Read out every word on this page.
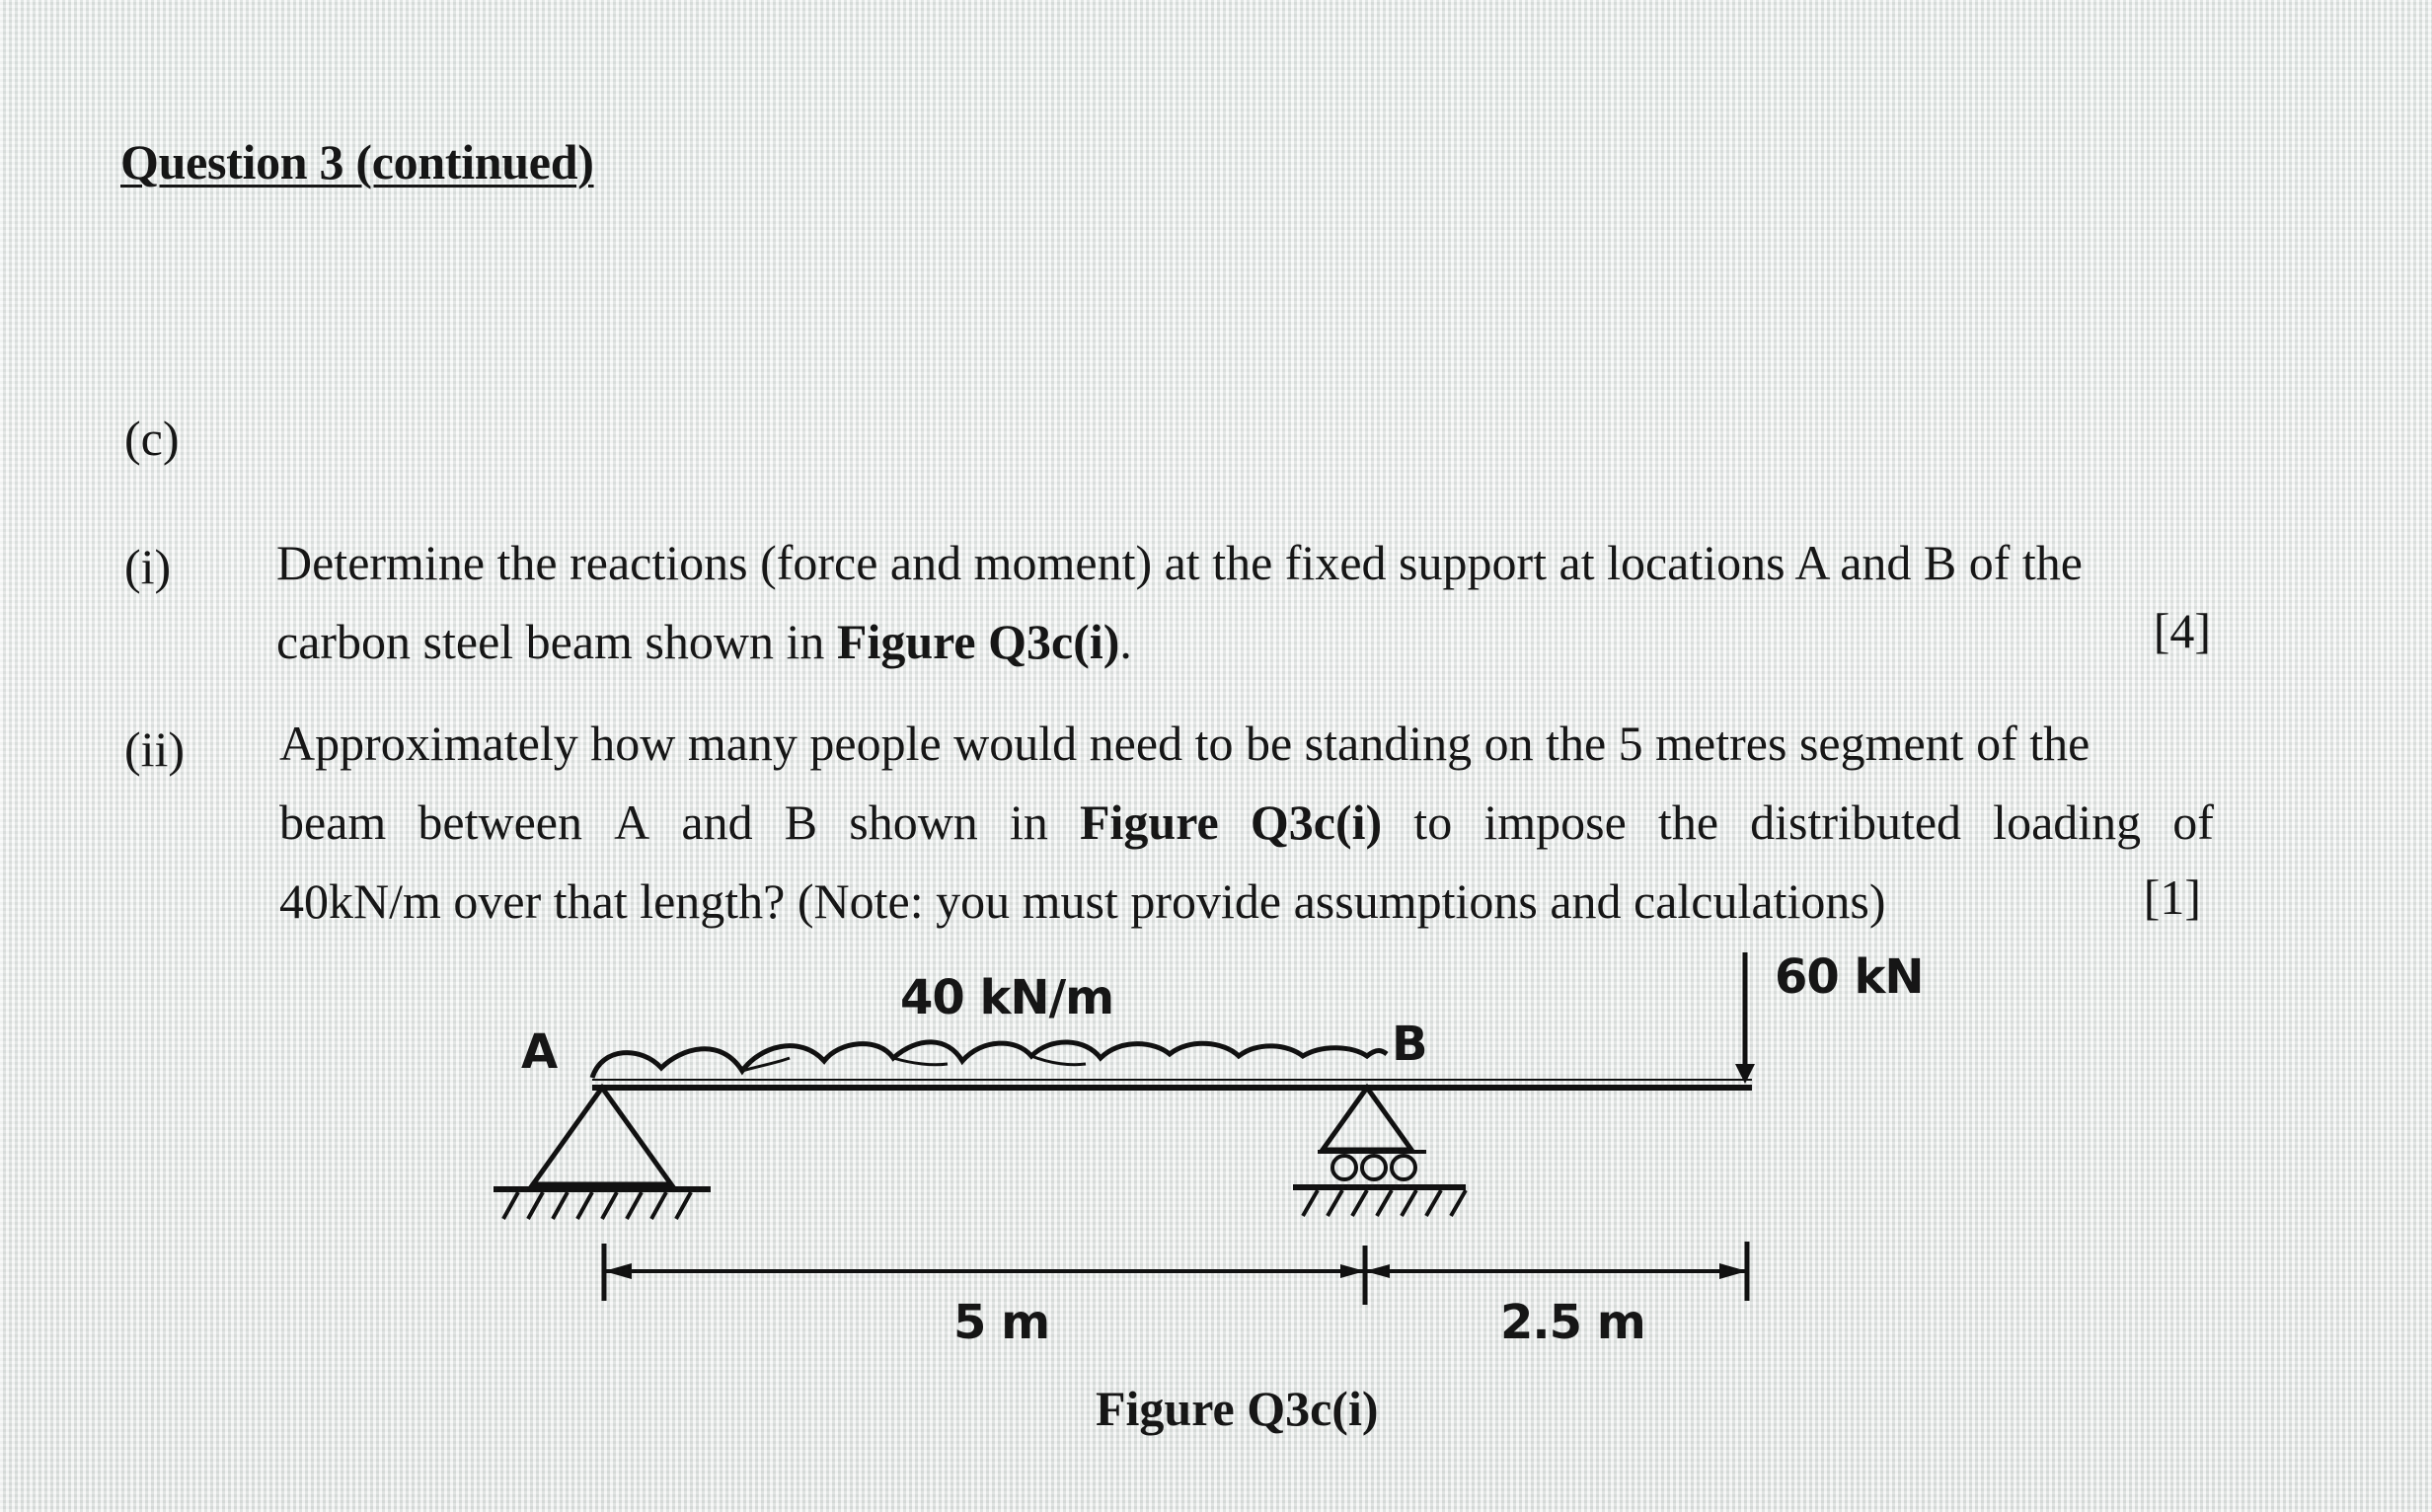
Question 3 (continued)
(c)
(i) Determine the reactions (force and moment) at the fixed support at locations A and B of the
carbon steel beam shown in Figure Q3c(i).	[4]
(ii) Approximately how many people would need to be standing on the 5 metres segment of the
beam between A and B shown in Figure Q3c(i) to impose the distributed loading of
40kN/m over that length? (Note: you must provide assumptions and calculations)	[1]
40 kN/m	60 kN
A	B
5 m	2.5 m
Figure Q3c(i)
